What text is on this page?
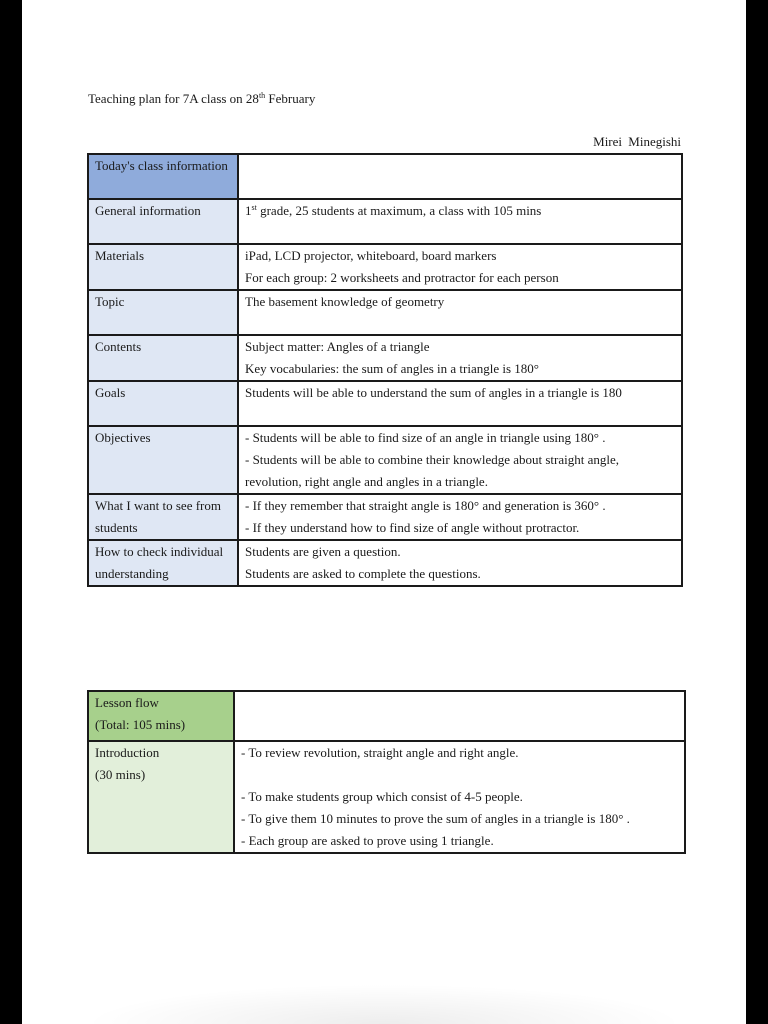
Teaching plan for 7A class on 28th February
Mirei Minegishi
Today's class information	
General information	1st grade, 25 students at maximum, a class with 105 mins

Materials	iPad, LCD projector, whiteboard, board markers
For each group: 2 worksheets and protractor for each person

Topic	The basement knowledge of geometry

Contents	Subject matter: Angles of a triangle
Key vocabularies: the sum of angles in a triangle is 180°

Goals	Students will be able to understand the sum of angles in a triangle is 180

Objectives	- Students will be able to find size of an angle in triangle using 180° .
- Students will be able to combine their knowledge about straight angle, revolution, right angle and angles in a triangle.

What I want to see from students	- If they remember that straight angle is 180° and generation is 360° .
- If they understand how to find size of angle without protractor.

How to check individual understanding	Students are given a question.
Students are asked to complete the questions.
Lesson flow
(Total: 105 mins)	

Introduction
(30 mins)	- To review revolution, straight angle and right angle.
- To make students group which consist of 4-5 people.
- To give them 10 minutes to prove the sum of angles in a triangle is 180° .
- Each group are asked to prove using 1 triangle.
